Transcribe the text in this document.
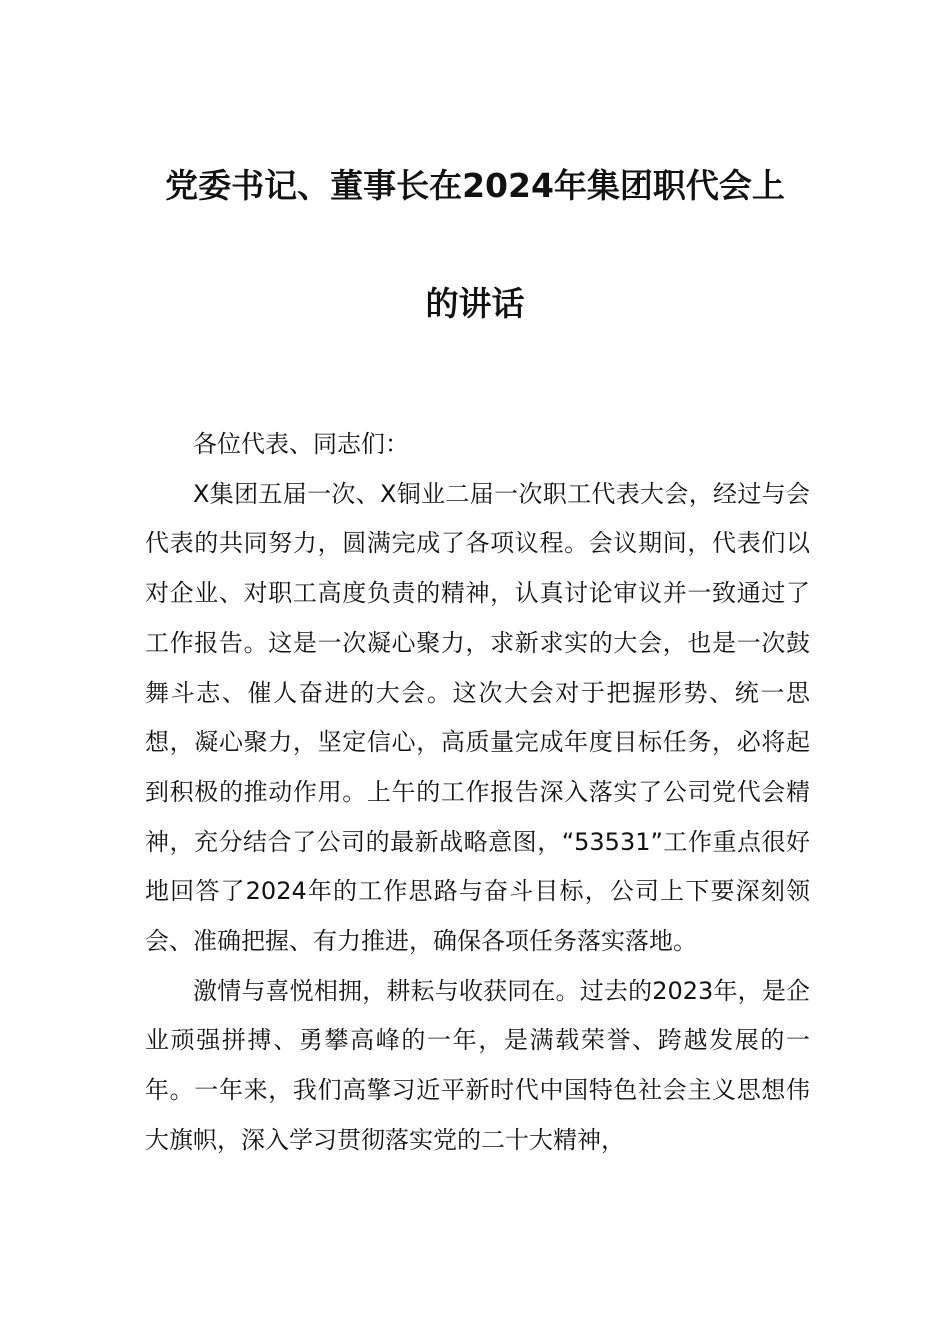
党委书记、董事长在2024年集团职代会上
的讲话

各位代表、同志们：

X集团五届一次、X铜业二届一次职工代表大会，经过与会代表的共同努力，圆满完成了各项议程。会议期间，代表们以对企业、对职工高度负责的精神，认真讨论审议并一致通过了工作报告。这是一次凝心聚力，求新求实的大会，也是一次鼓舞斗志、催人奋进的大会。这次大会对于把握形势、统一思想，凝心聚力，坚定信心，高质量完成年度目标任务，必将起到积极的推动作用。上午的工作报告深入落实了公司党代会精神，充分结合了公司的最新战略意图，“53531”工作重点很好地回答了2024年的工作思路与奋斗目标，公司上下要深刻领会、准确把握、有力推进，确保各项任务落实落地。

激情与喜悦相拥，耕耘与收获同在。过去的2023年，是企业顽强拼搏、勇攀高峰的一年，是满载荣誉、跨越发展的一年。一年来，我们高擎习近平新时代中国特色社会主义思想伟大旗帜，深入学习贯彻落实党的二十大精神，
